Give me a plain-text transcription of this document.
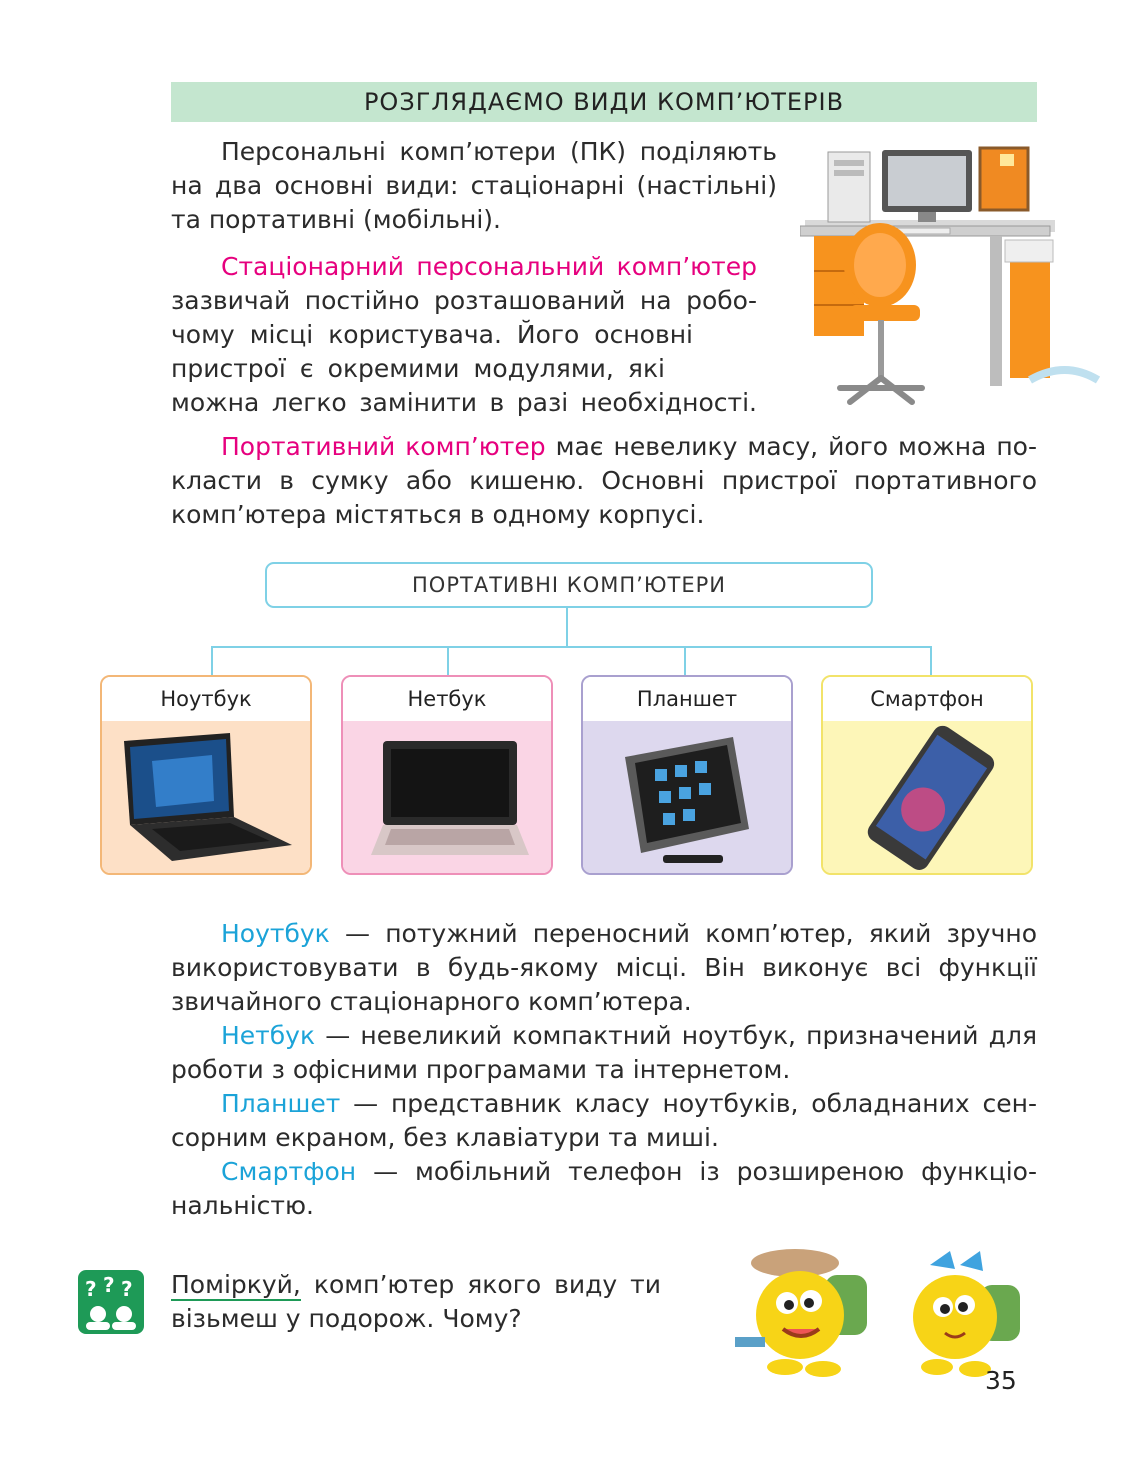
РОЗГЛЯДАЄМО ВИДИ КОМП’ЮТЕРІВ
Персональні комп’ютери (ПК) поділяють
на два основні види: стаціонарні (настільні)
та портативні (мобільні).
Стаціонарний персональний комп’ютер
зазвичай постійно розташований на робо-
чому місці користувача. Його основні
пристрої є окремими модулями, які
можна легко замінити в разі необхідності.
Портативний комп’ютер має невелику масу, його можна по-
класти в сумку або кишеню. Основні пристрої портативного
комп’ютера містяться в одному корпусі.
ПОРТАТИВНІ КОМП’ЮТЕРИ
Ноутбук	Нетбук	Планшет	Смартфон
Ноутбук — потужний переносний комп’ютер, який зручно
використовувати в будь-якому місці. Він виконує всі функції
звичайного стаціонарного комп’ютера.
Нетбук — невеликий компактний ноутбук, призначений для
роботи з офісними програмами та інтернетом.
Планшет — представник класу ноутбуків, обладнаних сен-
сорним екраном, без клавіатури та миші.
Смартфон — мобільний телефон із розширеною функціо-
нальністю.
? ? ? Поміркуй, комп’ютер якого виду ти
візьмеш у подорож. Чому?
35
